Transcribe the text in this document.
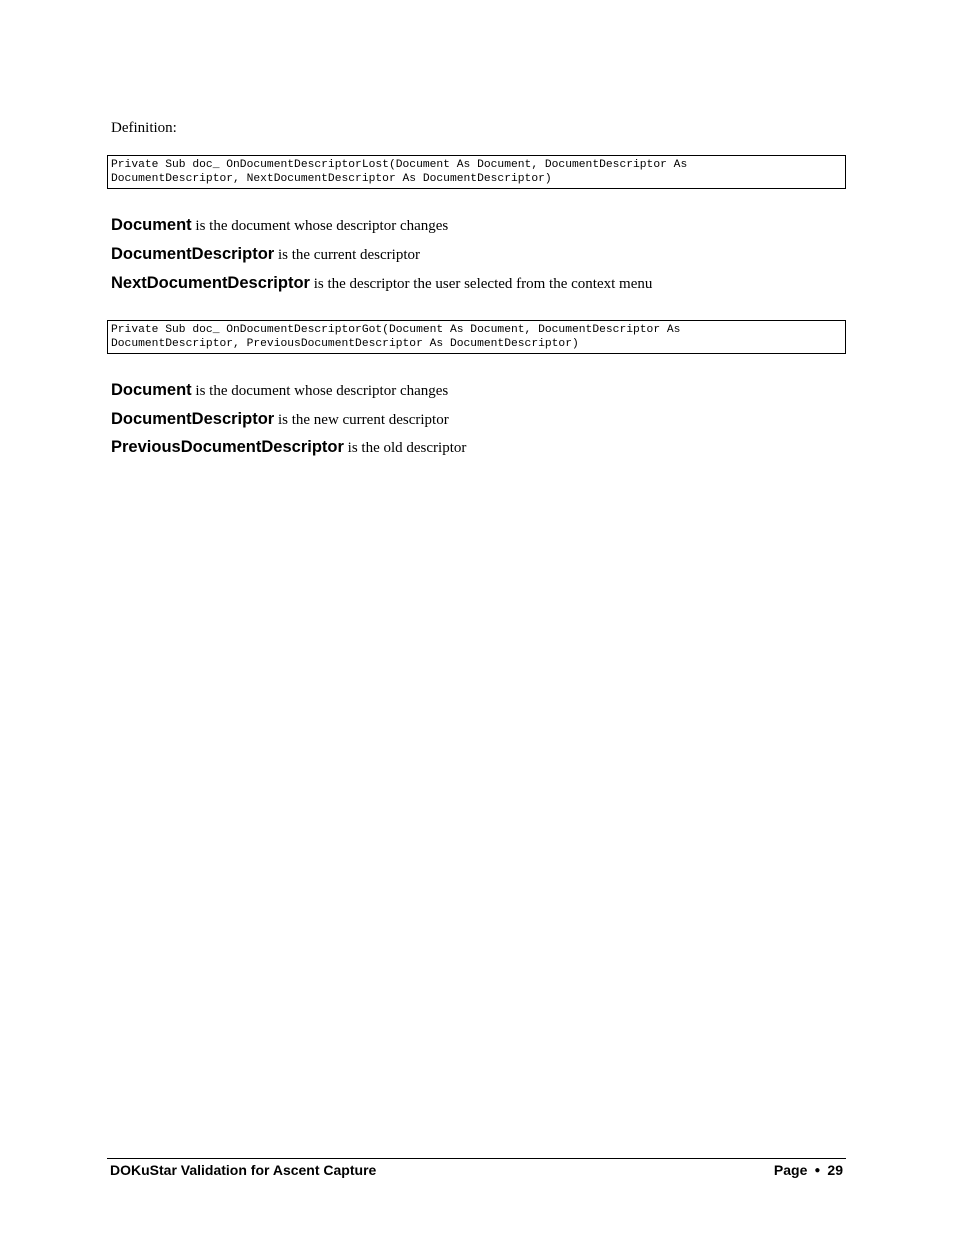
Definition:
Private Sub doc_ OnDocumentDescriptorLost(Document As Document, DocumentDescriptor As
DocumentDescriptor, NextDocumentDescriptor As DocumentDescriptor)
Document is the document whose descriptor changes
DocumentDescriptor is the current descriptor
NextDocumentDescriptor is the descriptor the user selected from the context menu
Private Sub doc_ OnDocumentDescriptorGot(Document As Document, DocumentDescriptor As
DocumentDescriptor, PreviousDocumentDescriptor As DocumentDescriptor)
Document is the document whose descriptor changes
DocumentDescriptor is the new current descriptor
PreviousDocumentDescriptor is the old descriptor
DOKuStar Validation for Ascent Capture	Page ● 29
